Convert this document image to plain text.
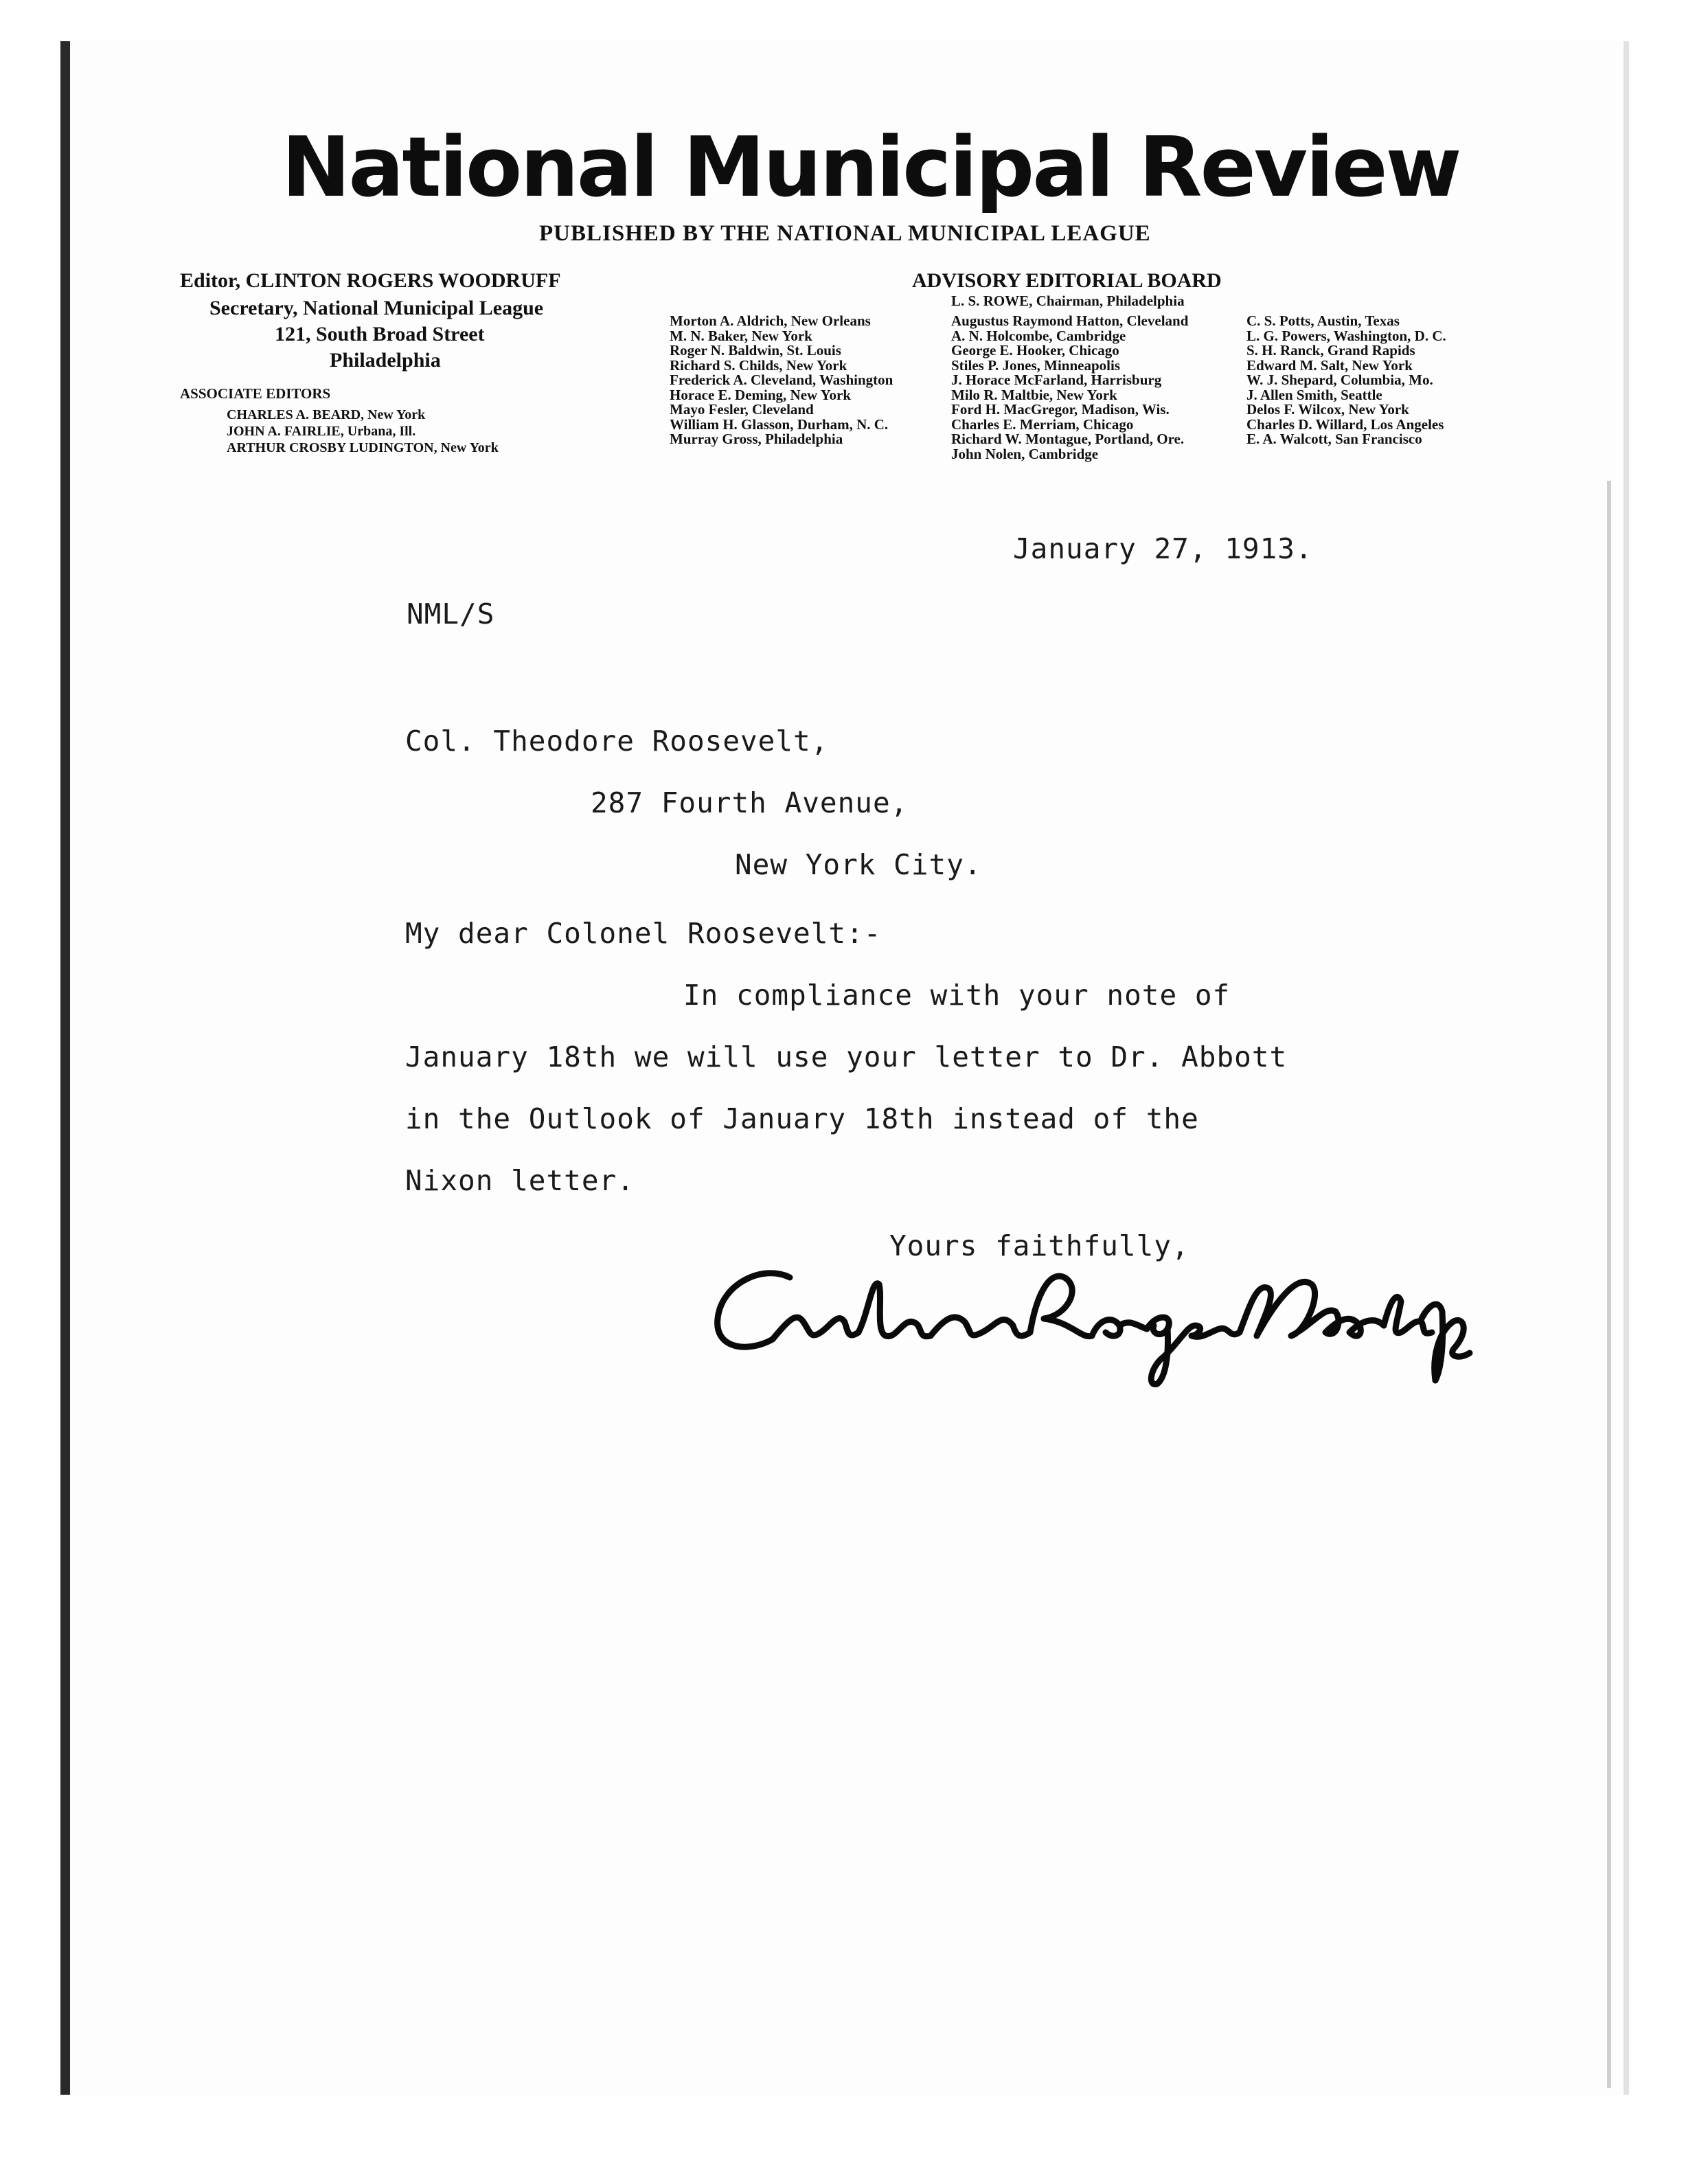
National Municipal Review
PUBLISHED BY THE NATIONAL MUNICIPAL LEAGUE
Editor, CLINTON ROGERS WOODRUFF
Secretary, National Municipal League
121, South Broad Street
Philadelphia
ASSOCIATE EDITORS
CHARLES A. BEARD, New York
JOHN A. FAIRLIE, Urbana, Ill.
ARTHUR CROSBY LUDINGTON, New York
ADVISORY EDITORIAL BOARD
L. S. ROWE, Chairman, Philadelphia
Morton A. Aldrich, New Orleans
M. N. Baker, New York
Roger N. Baldwin, St. Louis
Richard S. Childs, New York
Frederick A. Cleveland, Washington
Horace E. Deming, New York
Mayo Fesler, Cleveland
William H. Glasson, Durham, N. C.
Murray Gross, Philadelphia
Augustus Raymond Hatton, Cleveland
A. N. Holcombe, Cambridge
George E. Hooker, Chicago
Stiles P. Jones, Minneapolis
J. Horace McFarland, Harrisburg
Milo R. Maltbie, New York
Ford H. MacGregor, Madison, Wis.
Charles E. Merriam, Chicago
Richard W. Montague, Portland, Ore.
John Nolen, Cambridge
C. S. Potts, Austin, Texas
L. G. Powers, Washington, D. C.
S. H. Ranck, Grand Rapids
Edward M. Salt, New York
W. J. Shepard, Columbia, Mo.
J. Allen Smith, Seattle
Delos F. Wilcox, New York
Charles D. Willard, Los Angeles
E. A. Walcott, San Francisco
January 27, 1913.
NML/S
Col. Theodore Roosevelt,
287 Fourth Avenue,
New York City.
My dear Colonel Roosevelt:-
In compliance with your note of
January 18th we will use your letter to Dr. Abbott
in the Outlook of January 18th instead of the
Nixon letter.
Yours faithfully,
